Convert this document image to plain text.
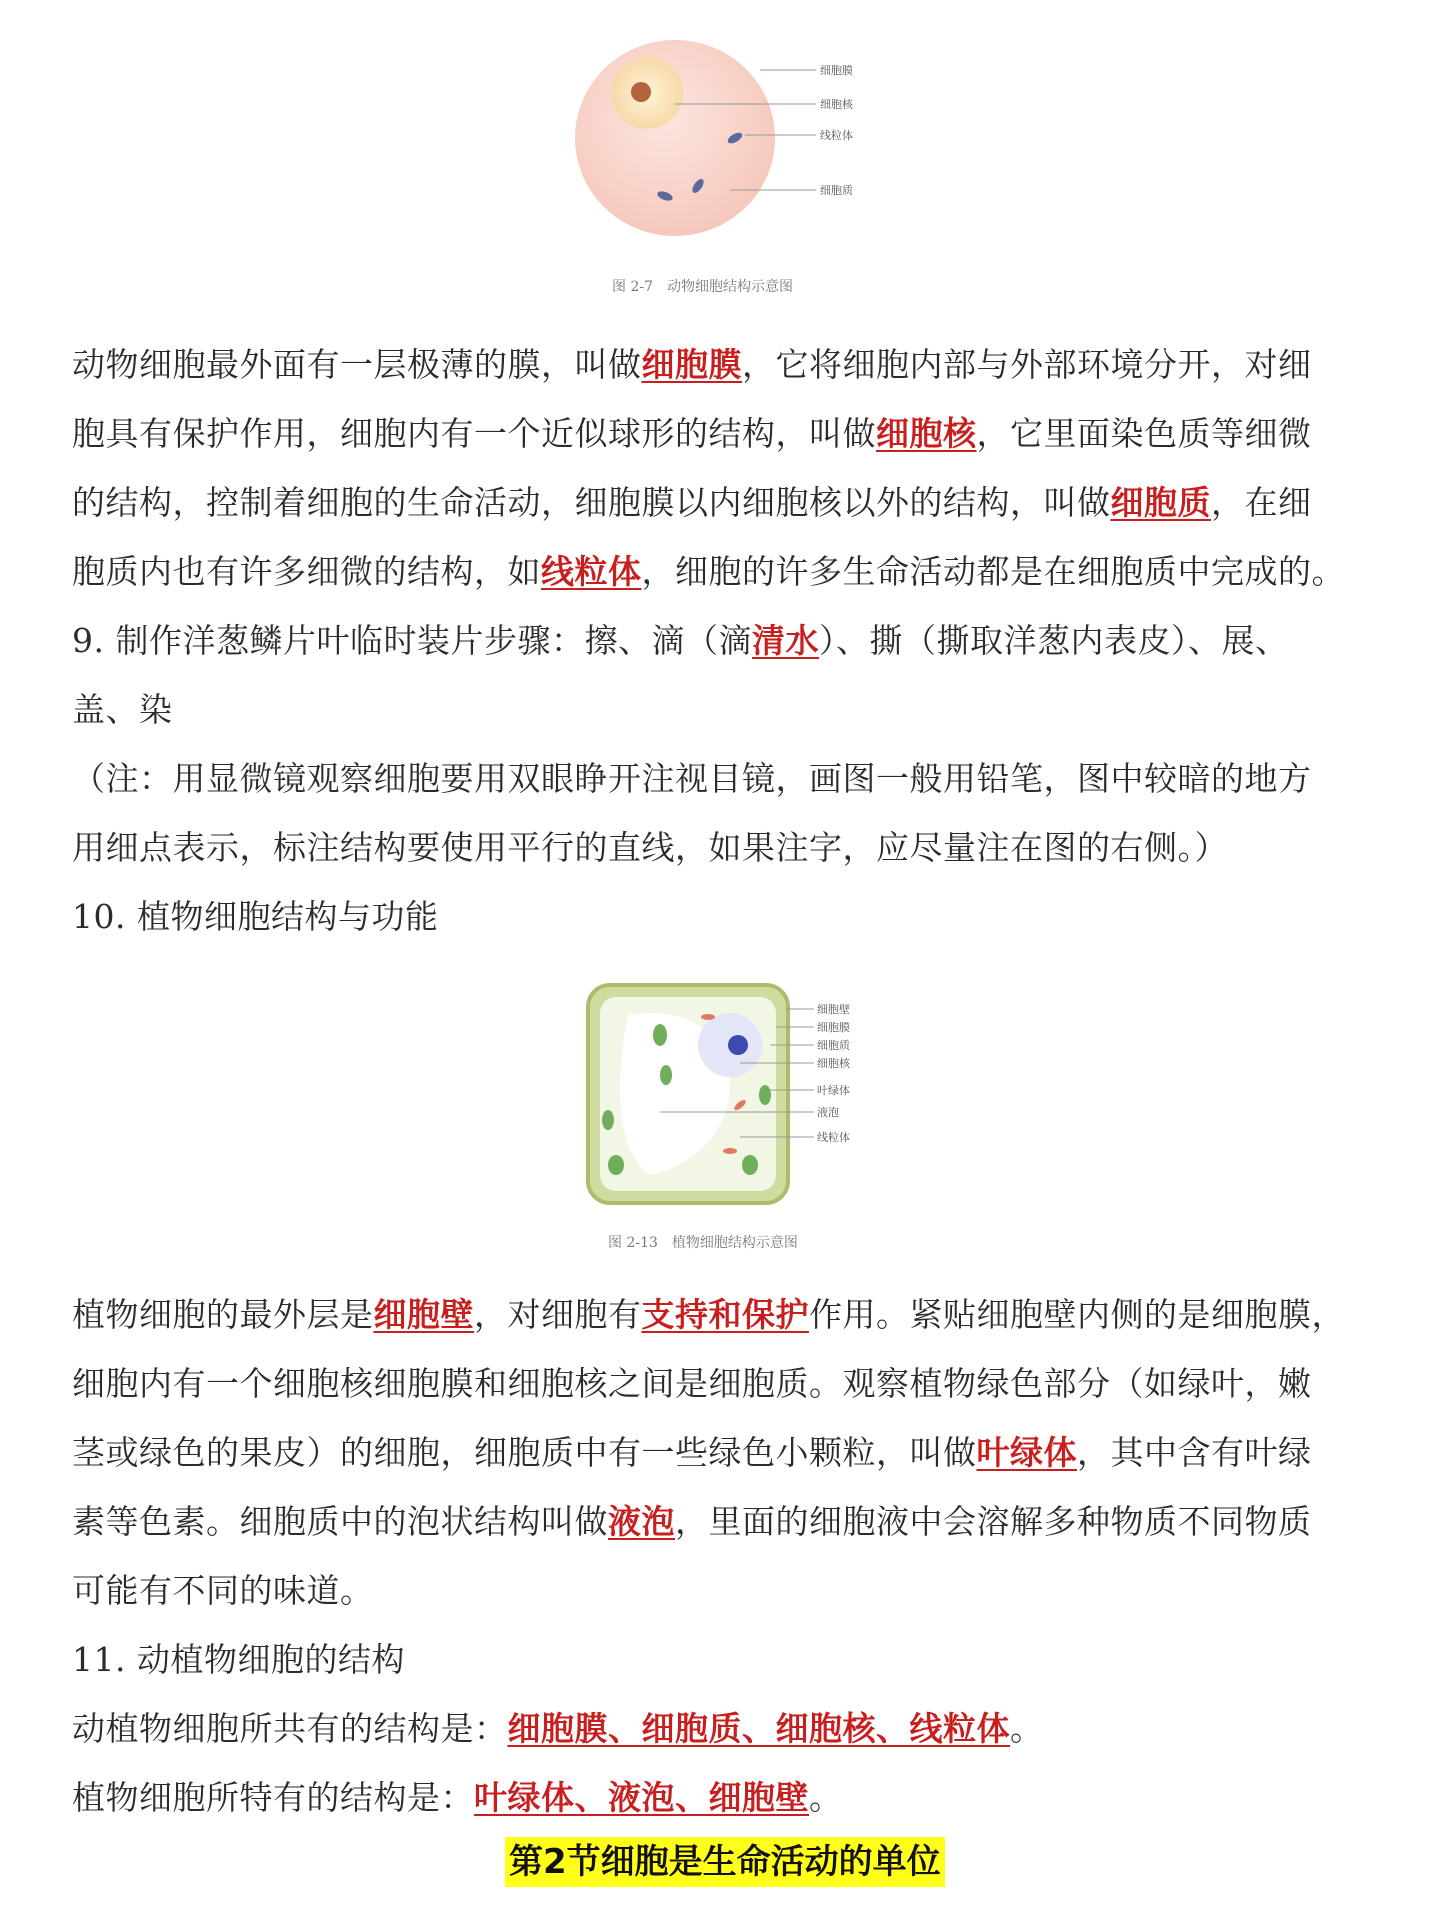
细胞膜
细胞核
线粒体
细胞质
图 2-7　动物细胞结构示意图
动物细胞最外面有一层极薄的膜，叫做细胞膜，它将细胞内部与外部环境分开，对细
胞具有保护作用，细胞内有一个近似球形的结构，叫做细胞核，它里面染色质等细微
的结构，控制着细胞的生命活动，细胞膜以内细胞核以外的结构，叫做细胞质，在细
胞质内也有许多细微的结构，如线粒体，细胞的许多生命活动都是在细胞质中完成的。
9. 制作洋葱鳞片叶临时装片步骤：擦、滴（滴清水）、撕（撕取洋葱内表皮）、展、
盖、染
（注：用显微镜观察细胞要用双眼睁开注视目镜，画图一般用铅笔，图中较暗的地方
用细点表示，标注结构要使用平行的直线，如果注字，应尽量注在图的右侧。）
10. 植物细胞结构与功能
细胞壁
细胞膜
细胞质
细胞核
叶绿体
液泡
线粒体
图 2-13　植物细胞结构示意图
植物细胞的最外层是细胞壁，对细胞有支持和保护作用。紧贴细胞壁内侧的是细胞膜，
细胞内有一个细胞核细胞膜和细胞核之间是细胞质。观察植物绿色部分（如绿叶，嫩
茎或绿色的果皮）的细胞，细胞质中有一些绿色小颗粒，叫做叶绿体，其中含有叶绿
素等色素。细胞质中的泡状结构叫做液泡，里面的细胞液中会溶解多种物质不同物质
可能有不同的味道。
11. 动植物细胞的结构
动植物细胞所共有的结构是：细胞膜、细胞质、细胞核、线粒体。
植物细胞所特有的结构是：叶绿体、液泡、细胞壁。
第2节细胞是生命活动的单位
